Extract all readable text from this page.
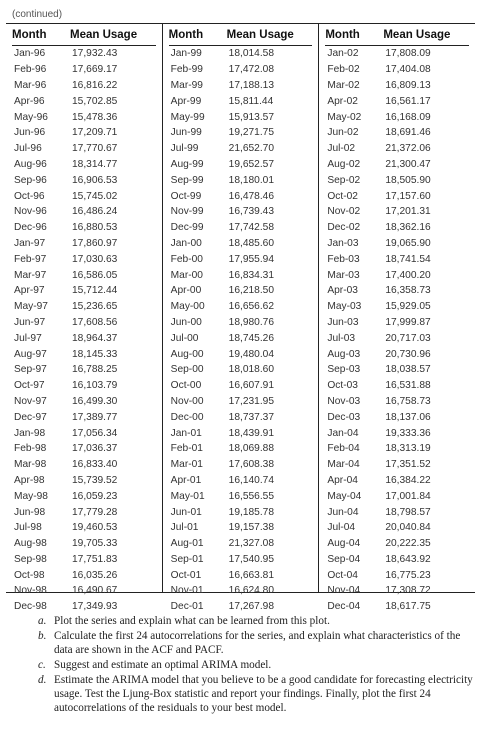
(continued)
Month	Mean Usage
Jan-96	17,932.43
Feb-96	17,669.17
Mar-96	16,816.22
Apr-96	15,702.85
May-96	15,478.36
Jun-96	17,209.71
Jul-96	17,770.67
Aug-96	18,314.77
Sep-96	16,906.53
Oct-96	15,745.02
Nov-96	16,486.24
Dec-96	16,880.53
Jan-97	17,860.97
Feb-97	17,030.63
Mar-97	16,586.05
Apr-97	15,712.44
May-97	15,236.65
Jun-97	17,608.56
Jul-97	18,964.37
Aug-97	18,145.33
Sep-97	16,788.25
Oct-97	16,103.79
Nov-97	16,499.30
Dec-97	17,389.77
Jan-98	17,056.34
Feb-98	17,036.37
Mar-98	16,833.40
Apr-98	15,739.52
May-98	16,059.23
Jun-98	17,779.28
Jul-98	19,460.53
Aug-98	19,705.33
Sep-98	17,751.83
Oct-98	16,035.26
Nov-98	16,490.67
Dec-98	17,349.93
Month	Mean Usage
Jan-99	18,014.58
Feb-99	17,472.08
Mar-99	17,188.13
Apr-99	15,811.44
May-99	15,913.57
Jun-99	19,271.75
Jul-99	21,652.70
Aug-99	19,652.57
Sep-99	18,180.01
Oct-99	16,478.46
Nov-99	16,739.43
Dec-99	17,742.58
Jan-00	18,485.60
Feb-00	17,955.94
Mar-00	16,834.31
Apr-00	16,218.50
May-00	16,656.62
Jun-00	18,980.76
Jul-00	18,745.26
Aug-00	19,480.04
Sep-00	18,018.60
Oct-00	16,607.91
Nov-00	17,231.95
Dec-00	18,737.37
Jan-01	18,439.91
Feb-01	18,069.88
Mar-01	17,608.38
Apr-01	16,140.74
May-01	16,556.55
Jun-01	19,185.78
Jul-01	19,157.38
Aug-01	21,327.08
Sep-01	17,540.95
Oct-01	16,663.81
Nov-01	16,624.80
Dec-01	17,267.98
Month	Mean Usage
Jan-02	17,808.09
Feb-02	17,404.08
Mar-02	16,809.13
Apr-02	16,561.17
May-02	16,168.09
Jun-02	18,691.46
Jul-02	21,372.06
Aug-02	21,300.47
Sep-02	18,505.90
Oct-02	17,157.60
Nov-02	17,201.31
Dec-02	18,362.16
Jan-03	19,065.90
Feb-03	18,741.54
Mar-03	17,400.20
Apr-03	16,358.73
May-03	15,929.05
Jun-03	17,999.87
Jul-03	20,717.03
Aug-03	20,730.96
Sep-03	18,038.57
Oct-03	16,531.88
Nov-03	16,758.73
Dec-03	18,137.06
Jan-04	19,333.36
Feb-04	18,313.19
Mar-04	17,351.52
Apr-04	16,384.22
May-04	17,001.84
Jun-04	18,798.57
Jul-04	20,040.84
Aug-04	20,222.35
Sep-04	18,643.92
Oct-04	16,775.23
Nov-04	17,308.72
Dec-04	18,617.75
a. Plot the series and explain what can be learned from this plot.
b. Calculate the first 24 autocorrelations for the series, and explain what characteristics of the data are shown in the ACF and PACF.
c. Suggest and estimate an optimal ARIMA model.
d. Estimate the ARIMA model that you believe to be a good candidate for forecasting electricity usage. Test the Ljung-Box statistic and report your findings. Finally, plot the first 24 autocorrelations of the residuals to your best model.
